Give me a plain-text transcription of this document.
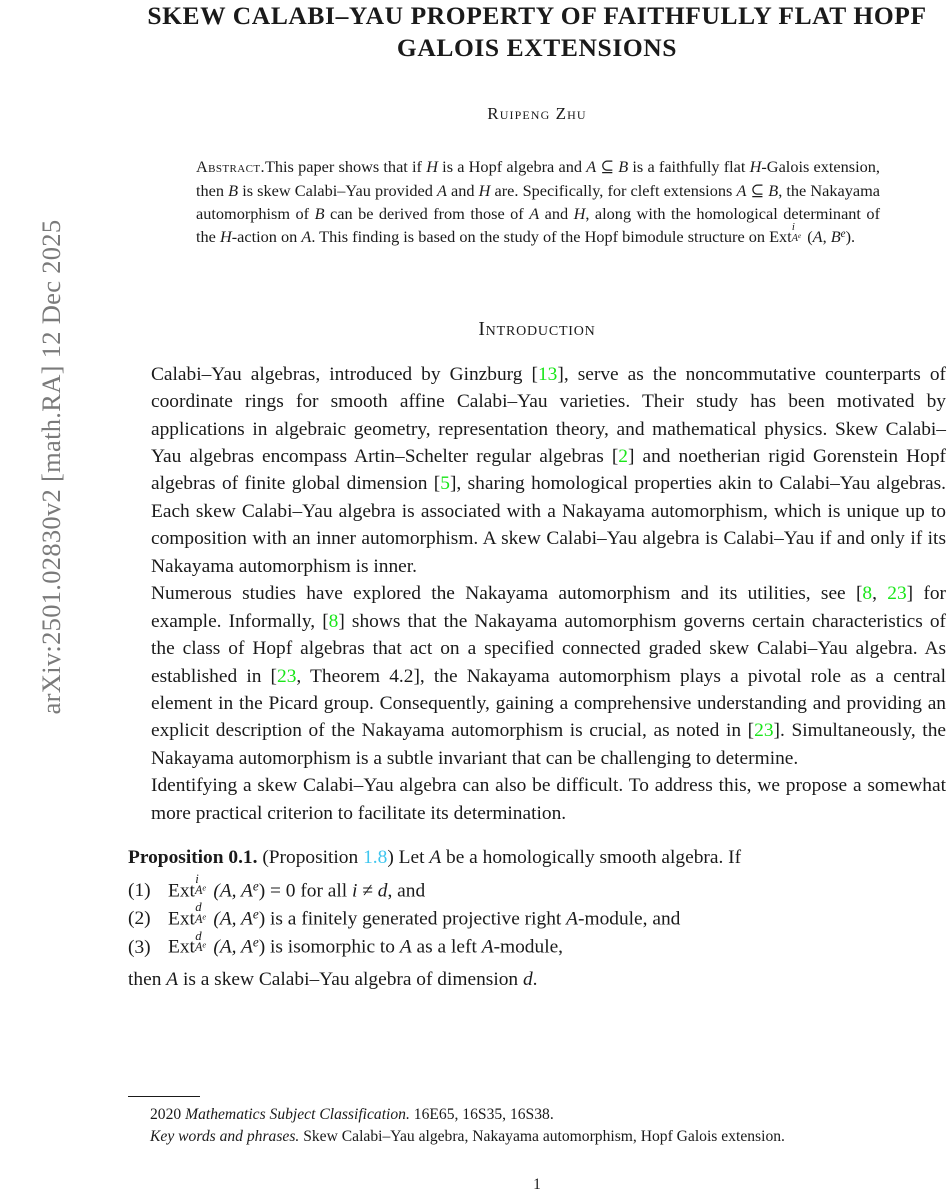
arXiv:2501.02830v2 [math.RA] 12 Dec 2025
SKEW CALABI–YAU PROPERTY OF FAITHFULLY FLAT HOPF
GALOIS EXTENSIONS
Ruipeng Zhu

Abstract.This paper shows that if H is a Hopf algebra and A ⊆ B is a faithfully flat H-Galois extension, then B is skew Calabi–Yau provided A and H are. Specifically, for cleft extensions A ⊆ B, the Nakayama automorphism of B can be derived from those of A and H, along with the homological determinant of the H-action on A. This finding is based on the study of the Hopf bimodule structure on Ext i
$A^e$ (A, $B^e$).

Introduction

Calabi–Yau algebras, introduced by Ginzburg [13], serve as the noncommutative counterparts of coordinate rings for smooth affine Calabi–Yau varieties. Their study has been motivated by applications in algebraic geometry, representation theory, and mathematical physics. Skew Calabi–Yau algebras encompass Artin–Schelter regular algebras [2] and noetherian rigid Gorenstein Hopf algebras of finite global dimension [5], sharing homological properties akin to Calabi–Yau algebras. Each skew Calabi–Yau algebra is associated with a Nakayama automorphism, which is unique up to composition with an inner automorphism. A skew Calabi–Yau algebra is Calabi–Yau if and only if its Nakayama automorphism is inner.

Numerous studies have explored the Nakayama automorphism and its utilities, see [8, 23] for example. Informally, [8] shows that the Nakayama automorphism governs certain characteristics of the class of Hopf algebras that act on a specified connected graded skew Calabi–Yau algebra. As established in [23, Theorem 4.2], the Nakayama automorphism plays a pivotal role as a central element in the Picard group. Consequently, gaining a comprehensive understanding and providing an explicit description of the Nakayama automorphism is crucial, as noted in [23]. Simultaneously, the Nakayama automorphism is a subtle invariant that can be challenging to determine.

Identifying a skew Calabi–Yau algebra can also be difficult. To address this, we propose a somewhat more practical criterion to facilitate its determination.

Proposition 0.1. (Proposition 1.8) Let A be a homologically smooth algebra. If

(1) Ext
i
$A^e$ (A, $A^e) = 0$ for all i ≠ d, and
(2) Ext
d
$A^e$ (A, $A^e$) is a finitely generated projective right A-module, and
(3) Ext
d
$A^e$ (A, $A^e$) is isomorphic to A as a left A-module,

then A is a skew Calabi–Yau algebra of dimension d.

2020 Mathematics Subject Classification. 16E65, 16S35, 16S38.

Key words and phrases. Skew Calabi–Yau algebra, Nakayama automorphism, Hopf Galois extension.

1
